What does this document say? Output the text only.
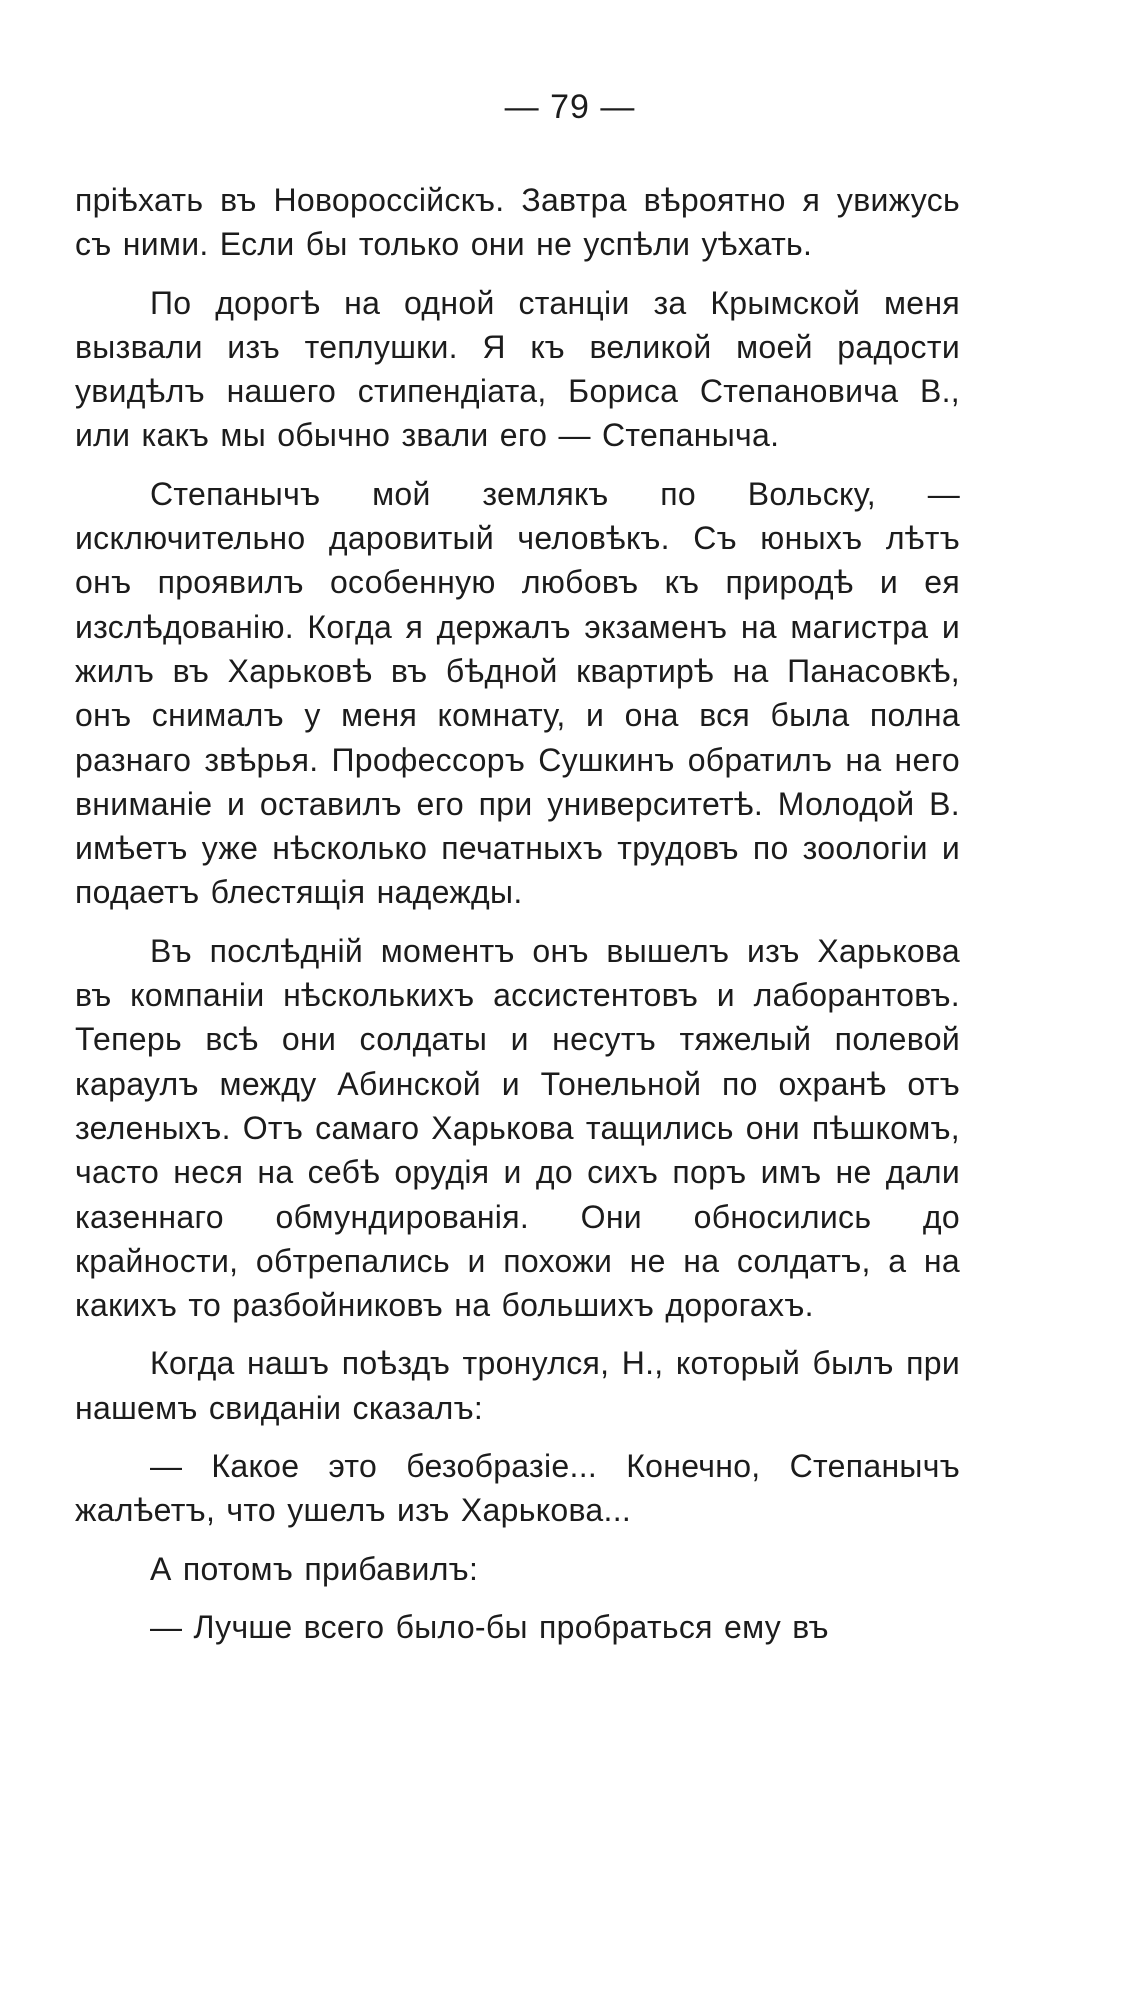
— 79 —

пріѣхать въ Новороссійскъ. Завтра вѣроятно я увижусь съ ними. Если бы только они не успѣли уѣхать.

По дорогѣ на одной станціи за Крымской меня вызвали изъ теплушки. Я къ великой моей радости увидѣлъ нашего стипендіата, Бориса Степановича В., или какъ мы обычно звали его — Степаныча.

Степанычъ мой землякъ по Вольску, — исключительно даровитый человѣкъ. Съ юныхъ лѣтъ онъ проявилъ особенную любовъ къ природѣ и ея изслѣдованію. Когда я держалъ экзаменъ на магистра и жилъ въ Харьковѣ въ бѣдной квартирѣ на Панасовкѣ, онъ снималъ у меня комнату, и она вся была полна разнаго звѣрья. Профессоръ Сушкинъ обратилъ на него вниманіе и оставилъ его при университетѣ. Молодой В. имѣетъ уже нѣсколько печатныхъ трудовъ по зоологіи и подаетъ блестящія надежды.

Въ послѣдній моментъ онъ вышелъ изъ Харькова въ компаніи нѣсколькихъ ассистентовъ и лаборантовъ. Теперь всѣ они солдаты и несутъ тяжелый полевой караулъ между Абинской и Тонельной по охранѣ отъ зеленыхъ. Отъ самаго Харькова тащились они пѣшкомъ, часто неся на себѣ орудія и до сихъ поръ имъ не дали казеннаго обмундированія. Они обносились до крайности, обтрепались и похожи не на солдатъ, а на какихъ то разбойниковъ на большихъ дорогахъ.

Когда нашъ поѣздъ тронулся, Н., который былъ при нашемъ свиданіи сказалъ:

— Какое это безобразіе... Конечно, Степанычъ жалѣетъ, что ушелъ изъ Харькова...

А потомъ прибавилъ:

— Лучше всего было-бы пробраться ему въ
